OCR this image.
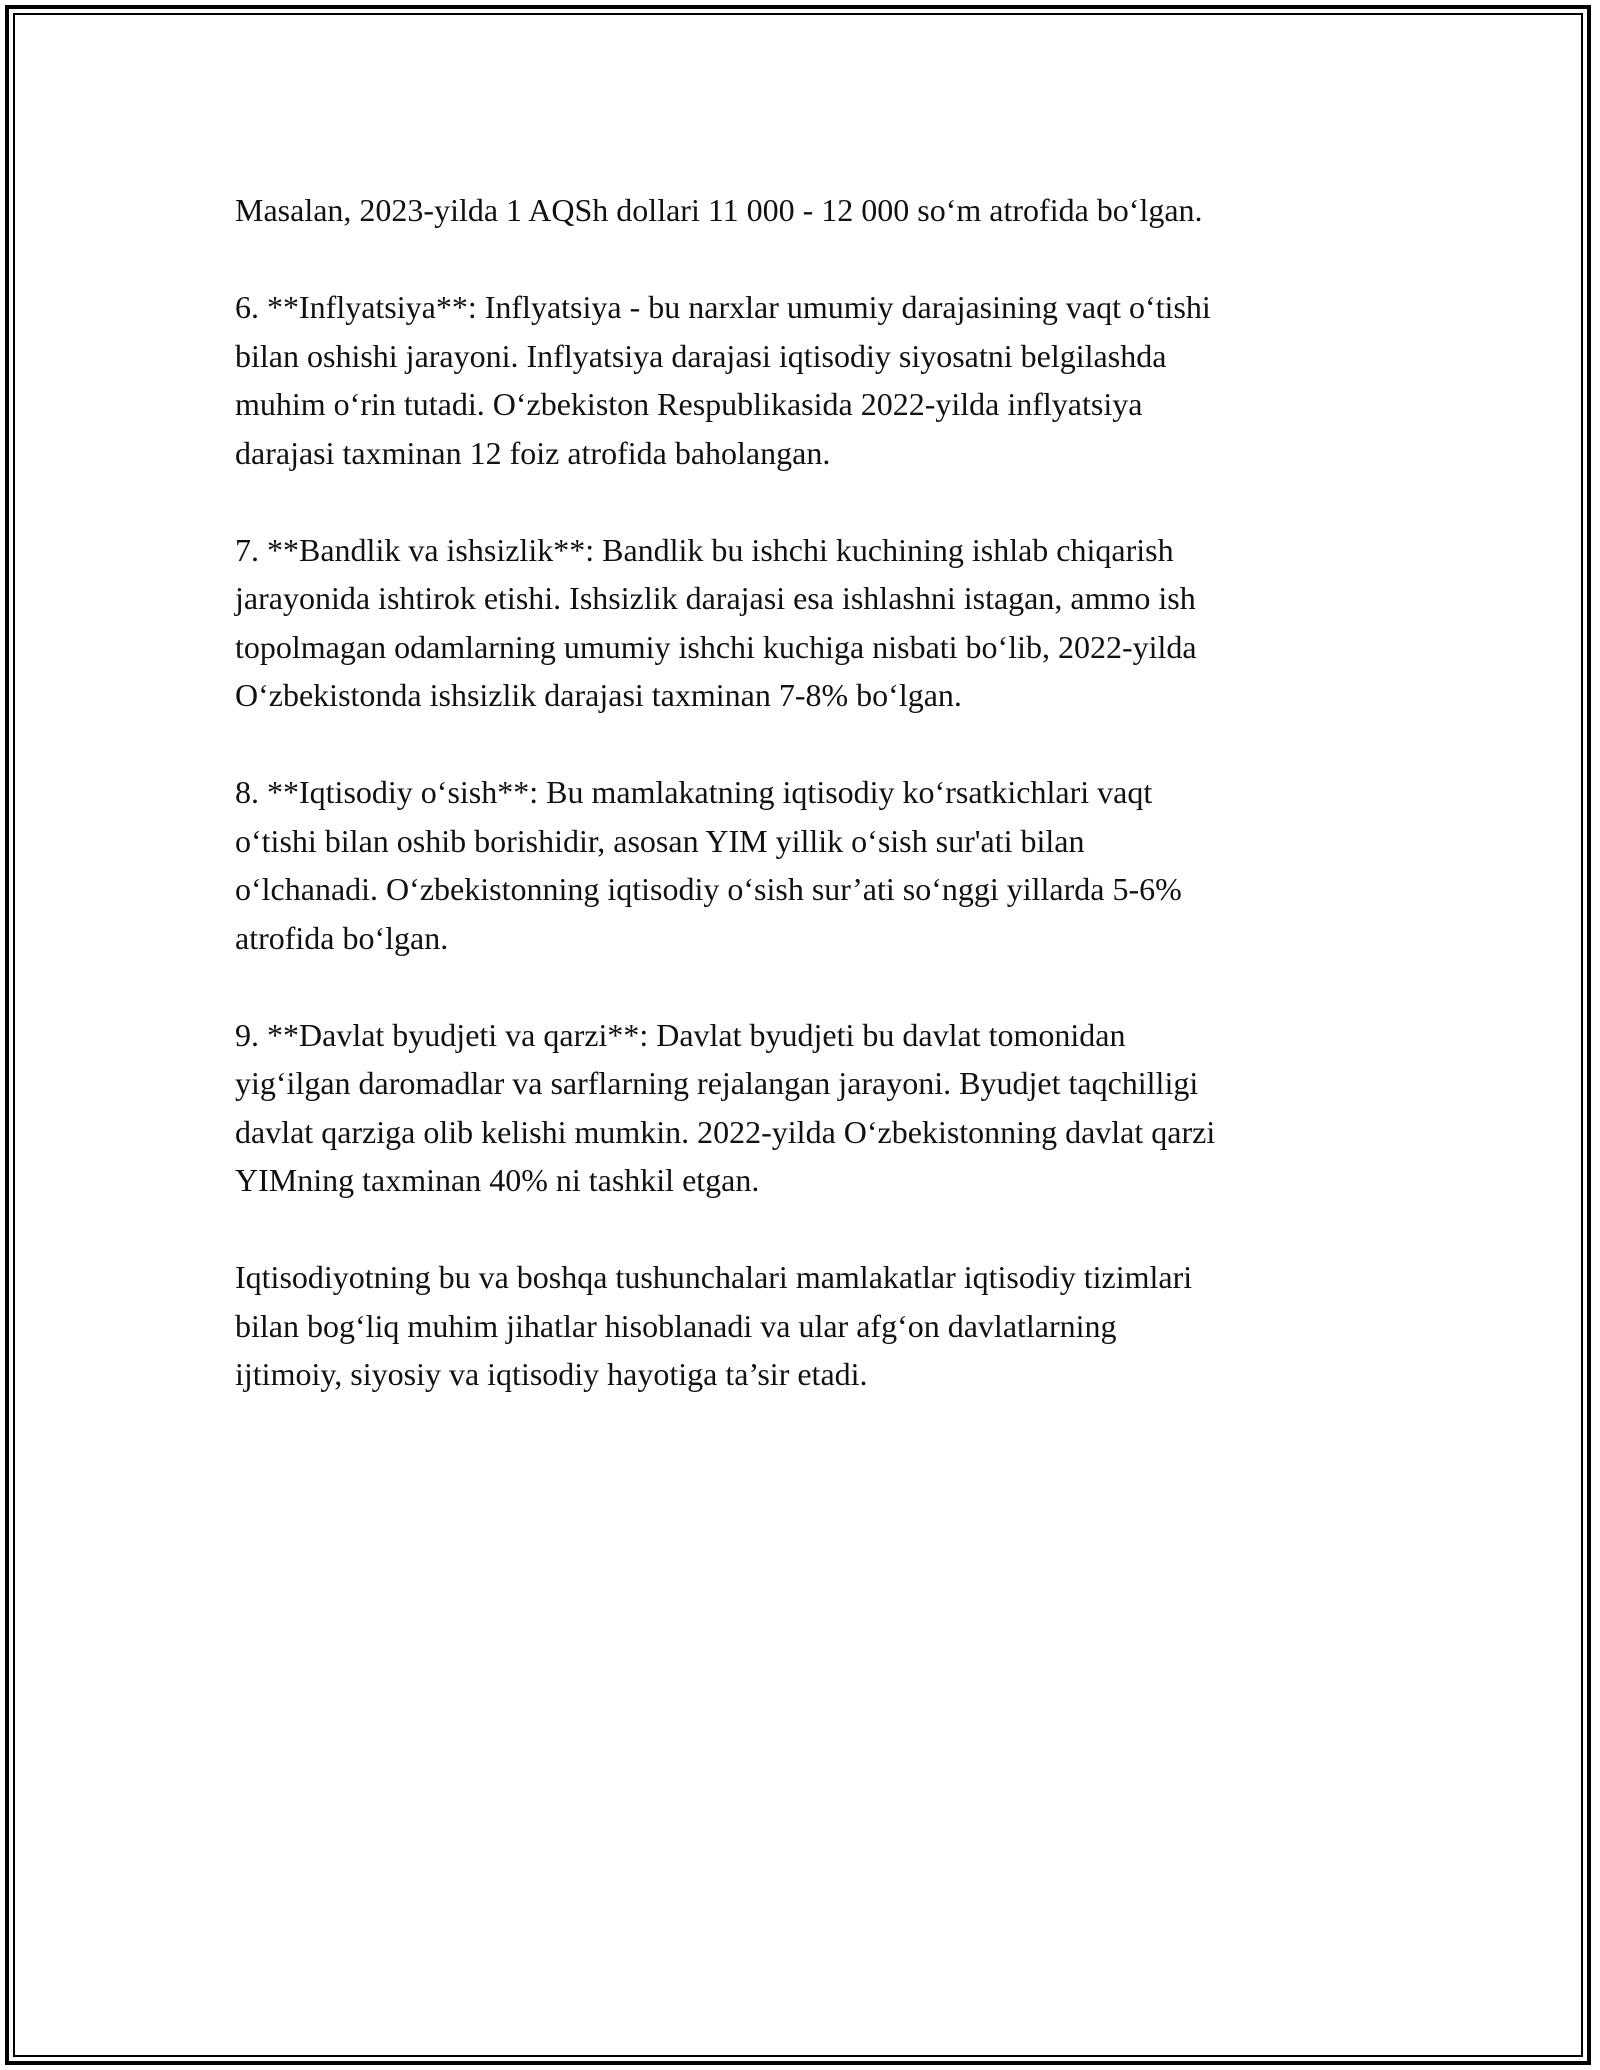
Masalan, 2023-yilda 1 AQSh dollari 11 000 - 12 000 so‘m atrofida bo‘lgan.

6. **Inflyatsiya**: Inflyatsiya - bu narxlar umumiy darajasining vaqt o‘tishi
bilan oshishi jarayoni. Inflyatsiya darajasi iqtisodiy siyosatni belgilashda
muhim o‘rin tutadi. O‘zbekiston Respublikasida 2022-yilda inflyatsiya
darajasi taxminan 12 foiz atrofida baholangan.

7. **Bandlik va ishsizlik**: Bandlik bu ishchi kuchining ishlab chiqarish
jarayonida ishtirok etishi. Ishsizlik darajasi esa ishlashni istagan, ammo ish
topolmagan odamlarning umumiy ishchi kuchiga nisbati bo‘lib, 2022-yilda
O‘zbekistonda ishsizlik darajasi taxminan 7-8% bo‘lgan.

8. **Iqtisodiy o‘sish**: Bu mamlakatning iqtisodiy ko‘rsatkichlari vaqt
o‘tishi bilan oshib borishidir, asosan YIM yillik o‘sish sur'ati bilan
o‘lchanadi. O‘zbekistonning iqtisodiy o‘sish sur’ati so‘nggi yillarda 5-6%
atrofida bo‘lgan.

9. **Davlat byudjeti va qarzi**: Davlat byudjeti bu davlat tomonidan
yig‘ilgan daromadlar va sarflarning rejalangan jarayoni. Byudjet taqchilligi
davlat qarziga olib kelishi mumkin. 2022-yilda O‘zbekistonning davlat qarzi
YIMning taxminan 40% ni tashkil etgan.

Iqtisodiyotning bu va boshqa tushunchalari mamlakatlar iqtisodiy tizimlari
bilan bog‘liq muhim jihatlar hisoblanadi va ular afg‘on davlatlarning
ijtimoiy, siyosiy va iqtisodiy hayotiga ta’sir etadi.
